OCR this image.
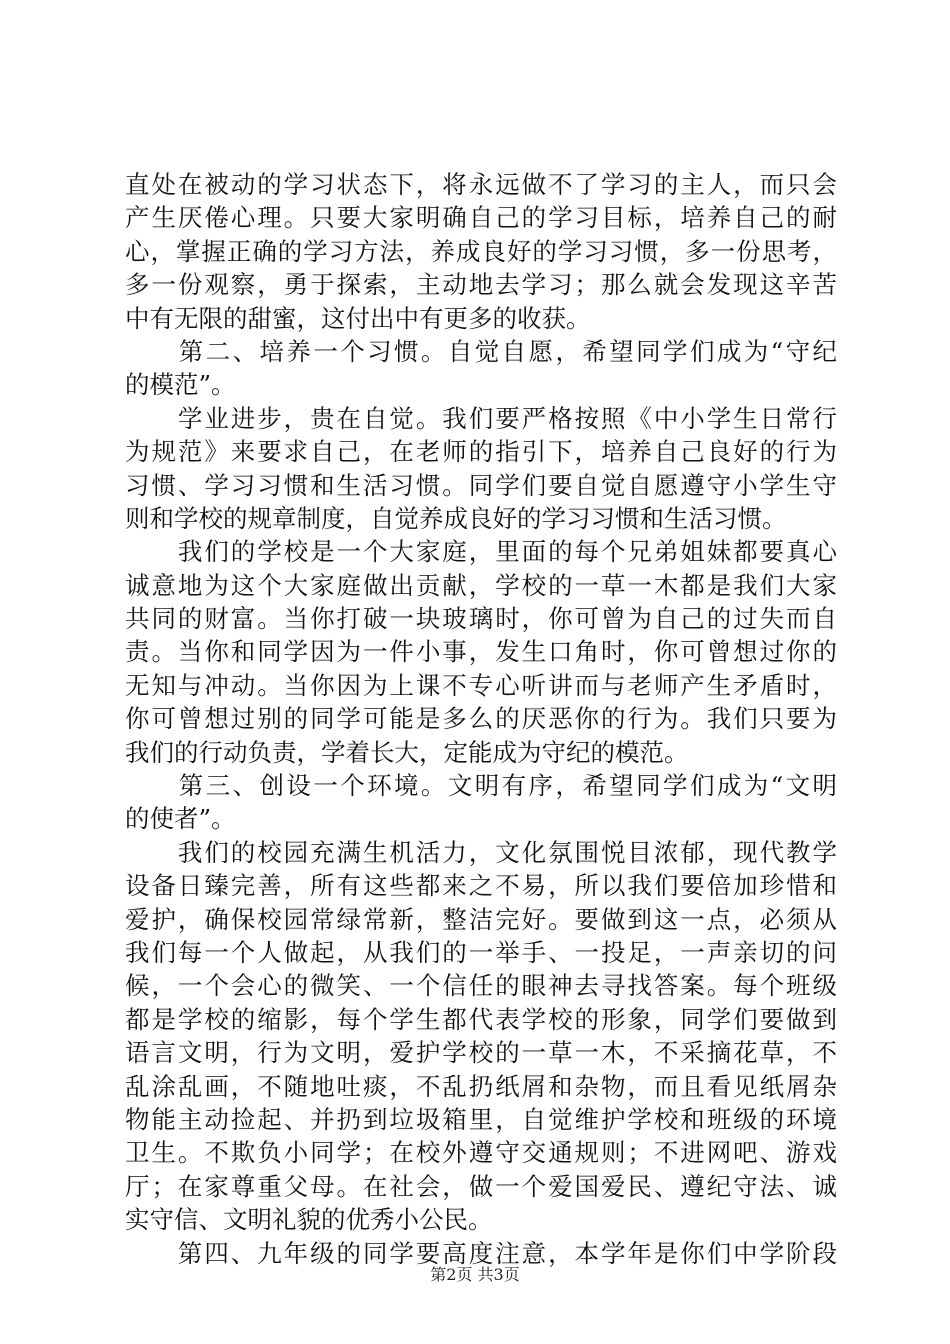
直处在被动的学习状态下，将永远做不了学习的主人，而只会
产生厌倦心理。只要大家明确自己的学习目标，培养自己的耐
心，掌握正确的学习方法，养成良好的学习习惯，多一份思考，
多一份观察，勇于探索，主动地去学习；那么就会发现这辛苦
中有无限的甜蜜，这付出中有更多的收获。
　　第二、培养一个习惯。自觉自愿，希望同学们成为“守纪
的模范”。
　　学业进步，贵在自觉。我们要严格按照《中小学生日常行
为规范》来要求自己，在老师的指引下，培养自己良好的行为
习惯、学习习惯和生活习惯。同学们要自觉自愿遵守小学生守
则和学校的规章制度，自觉养成良好的学习习惯和生活习惯。
　　我们的学校是一个大家庭，里面的每个兄弟姐妹都要真心
诚意地为这个大家庭做出贡献，学校的一草一木都是我们大家
共同的财富。当你打破一块玻璃时，你可曾为自己的过失而自
责。当你和同学因为一件小事，发生口角时，你可曾想过你的
无知与冲动。当你因为上课不专心听讲而与老师产生矛盾时，
你可曾想过别的同学可能是多么的厌恶你的行为。我们只要为
我们的行动负责，学着长大，定能成为守纪的模范。
　　第三、创设一个环境。文明有序，希望同学们成为“文明
的使者”。
　　我们的校园充满生机活力，文化氛围悦目浓郁，现代教学
设备日臻完善，所有这些都来之不易，所以我们要倍加珍惜和
爱护，确保校园常绿常新，整洁完好。要做到这一点，必须从
我们每一个人做起，从我们的一举手、一投足，一声亲切的问
候，一个会心的微笑、一个信任的眼神去寻找答案。每个班级
都是学校的缩影，每个学生都代表学校的形象，同学们要做到
语言文明，行为文明，爱护学校的一草一木，不采摘花草，不
乱涂乱画，不随地吐痰，不乱扔纸屑和杂物，而且看见纸屑杂
物能主动捡起、并扔到垃圾箱里，自觉维护学校和班级的环境
卫生。不欺负小同学；在校外遵守交通规则；不进网吧、游戏
厅；在家尊重父母。在社会，做一个爱国爱民、遵纪守法、诚
实守信、文明礼貌的优秀小公民。
　　第四、九年级的同学要高度注意，本学年是你们中学阶段
第2页 共3页
